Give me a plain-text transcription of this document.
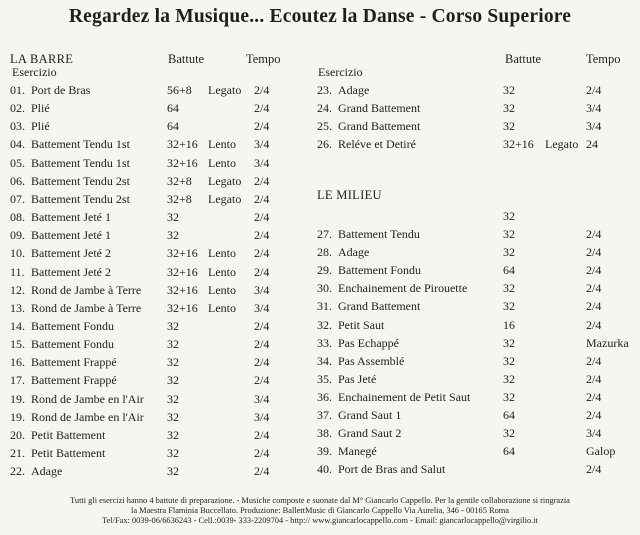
Regardez la Musique... Ecoutez la Danse - Corso Superiore
LA BARRE
Esercizio
Battute	Tempo
01. Port de Bras	56+8 Legato 2/4
02. Plié	64	2/4
03. Plié	64	2/4
04. Battement Tendu 1st	32+16 Lento 3/4
05. Battement Tendu 1st	32+16 Lento 3/4
06. Battement Tendu 2st	32+8 Legato 2/4
07. Battement Tendu 2st	32+8 Legato 2/4
08. Battement Jeté 1	32	2/4
09. Battement Jeté 1	32	2/4
10. Battement Jeté 2	32+16 Lento 2/4
11. Battement Jeté 2	32+16 Lento 2/4
12. Rond de Jambe à Terre 32+16 Lento 3/4
13. Rond de Jambe à Terre 32+16 Lento 3/4
14. Battement Fondu	32	2/4
15. Battement Fondu	32	2/4
16. Battement Frappé	32	2/4
17. Battement Frappé	32	2/4
19. Rond de Jambe en l'Air 32	3/4
19. Rond de Jambe en l'Air 32	3/4
20. Petit Battement	32	2/4
21. Petit Battement	32	2/4
22. Adage	32	2/4
Esercizio
Battute	Tempo
23. Adage	32	2/4
24. Grand Battement	32	3/4
25. Grand Battement	32	3/4
26. Reléve et Detiré	32+16 Legato 24
LE MILIEU
32
27. Battement Tendu	32	2/4
28. Adage	32	2/4
29. Battement Fondu	64	2/4
30. Enchainement de Pirouette	32	2/4
31. Grand Battement	32	2/4
32. Petit Saut	16	2/4
33. Pas Echappé	32	Mazurka
34. Pas Assemblé	32	2/4
35. Pas Jeté	32	2/4
36. Enchainement de Petit Saut	32	2/4
37. Grand Saut 1	64	2/4
38. Grand Saut 2	32	3/4
39. Manegé	64	Galop
40. Port de Bras and Salut	2/4
Tutti gli esercizi hanno 4 battute di preparazione. - Musiche composte e suonate dal M° Giancarlo Cappello. Per la gentile collaborazione si ringrazia
la Maestra Flaminia Buccellato. Produzione: BallettMusic di Giancarlo Cappello Via Aurelia, 346 - 00165 Roma
Tel/Fax: 0039-06/6636243 - Cell.:0039- 333-2209704 - http:// www.giancarlocappello.com - Email: giancarlocappello@virgilio.it
